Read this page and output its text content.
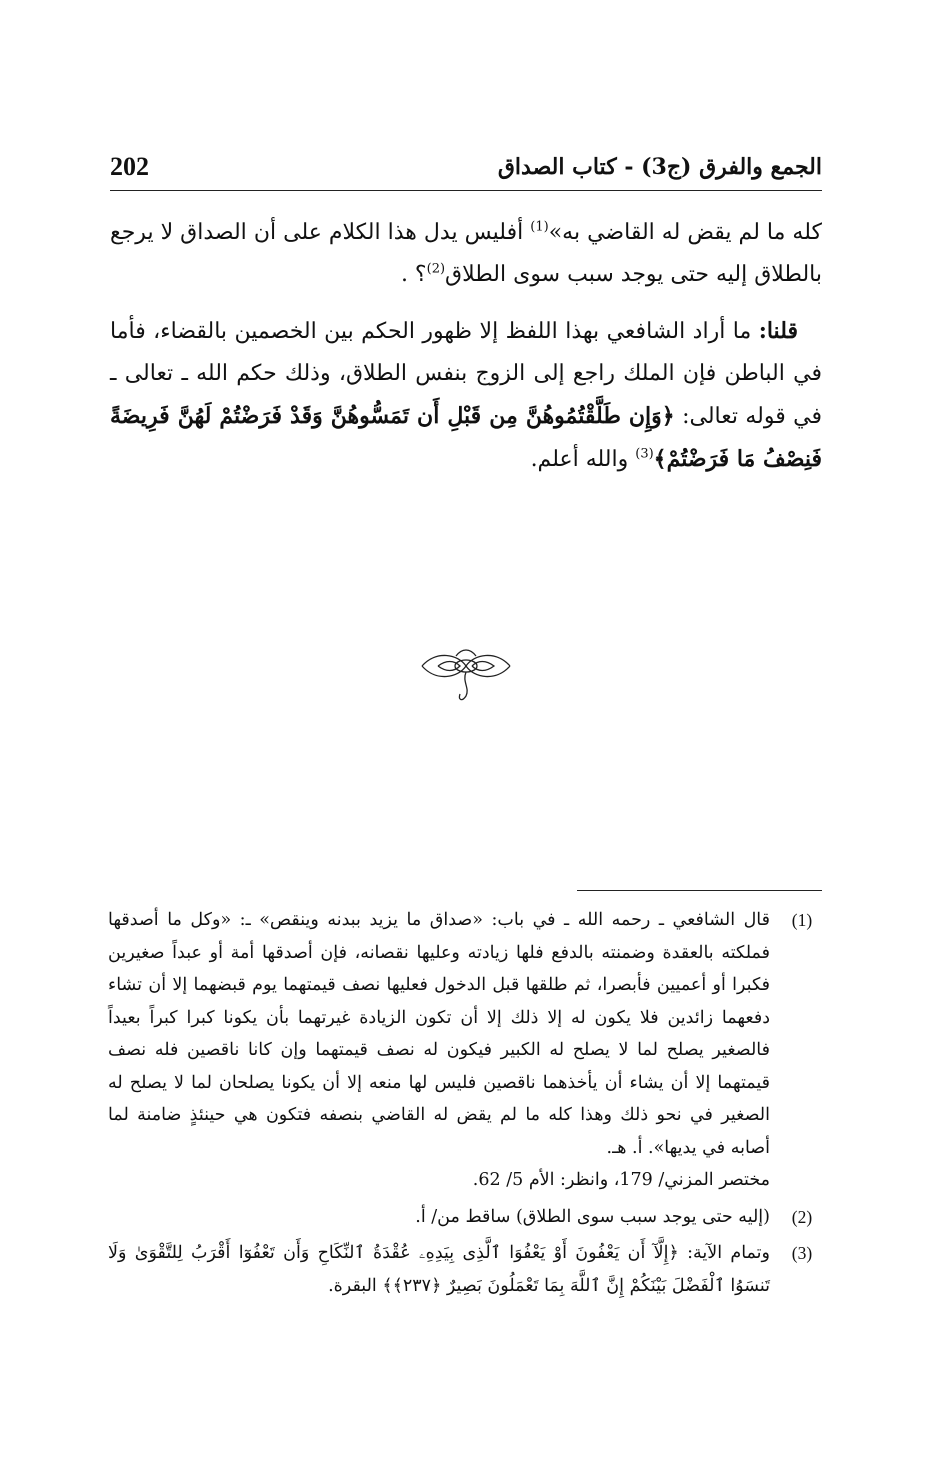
202	الجمع والفرق (ج3) - كتاب الصداق

كله ما لم يقض له القاضي به»$^{(1)}$ أفليس يدل هذا الكلام على أن الصداق لا يرجع بالطلاق إليه حتى يوجد سبب سوى الطلاق$^{(2)}$؟ .

قلنا: ما أراد الشافعي بهذا اللفظ إلا ظهور الحكم بين الخصمين بالقضاء، فأما في الباطن فإن الملك راجع إلى الزوج بنفس الطلاق، وذلك حكم الله ـ تعالى ـ في قوله تعالى: ﴿وَإِن طَلَّقْتُمُوهُنَّ مِن قَبْلِ أَن تَمَسُّوهُنَّ وَقَدْ فَرَضْتُمْ لَهُنَّ فَرِيضَةً فَنِصْفُ مَا فَرَضْتُمْ﴾$^{(3)}$ والله أعلم.

(1)
قال الشافعي ـ رحمه الله ـ في باب: «صداق ما يزيد ببدنه وينقص» ـ: «وكل ما أصدقها فملكته بالعقدة وضمنته بالدفع فلها زيادته وعليها نقصانه، فإن أصدقها أمة أو عبداً صغيرين فكبرا أو أعميين فأبصرا، ثم طلقها قبل الدخول فعليها نصف قيمتهما يوم قبضهما إلا أن تشاء دفعهما زائدين فلا يكون له إلا ذلك إلا أن تكون الزيادة غيرتهما بأن يكونا كبرا كبراً بعيداً فالصغير يصلح لما لا يصلح له الكبير فيكون له نصف قيمتهما وإن كانا ناقصين فله نصف قيمتهما إلا أن يشاء أن يأخذهما ناقصين فليس لها منعه إلا أن يكونا يصلحان لما لا يصلح له الصغير في نحو ذلك وهذا كله ما لم يقض له القاضي بنصفه فتكون هي حينئذٍ ضامنة لما أصابه في يديها». أ. هـ.
مختصر المزني/ 179، وانظر: الأم 5/ 62.
(2)
(إليه حتى يوجد سبب سوى الطلاق) ساقط من/ أ.
(3)
وتمام الآية: ﴿إِلَّآ أَن يَعْفُونَ أَوْ يَعْفُوَا ٱلَّذِى بِيَدِهِۦ عُقْدَةُ ٱلنِّكَاحِ وَأَن تَعْفُوٓا أَقْرَبُ لِلتَّقْوَىٰ وَلَا تَنسَوُا ٱلْفَضْلَ بَيْنَكُمْ إِنَّ ٱللَّهَ بِمَا تَعْمَلُونَ بَصِيرٌ ﴿٢٣٧﴾﴾ البقرة.
